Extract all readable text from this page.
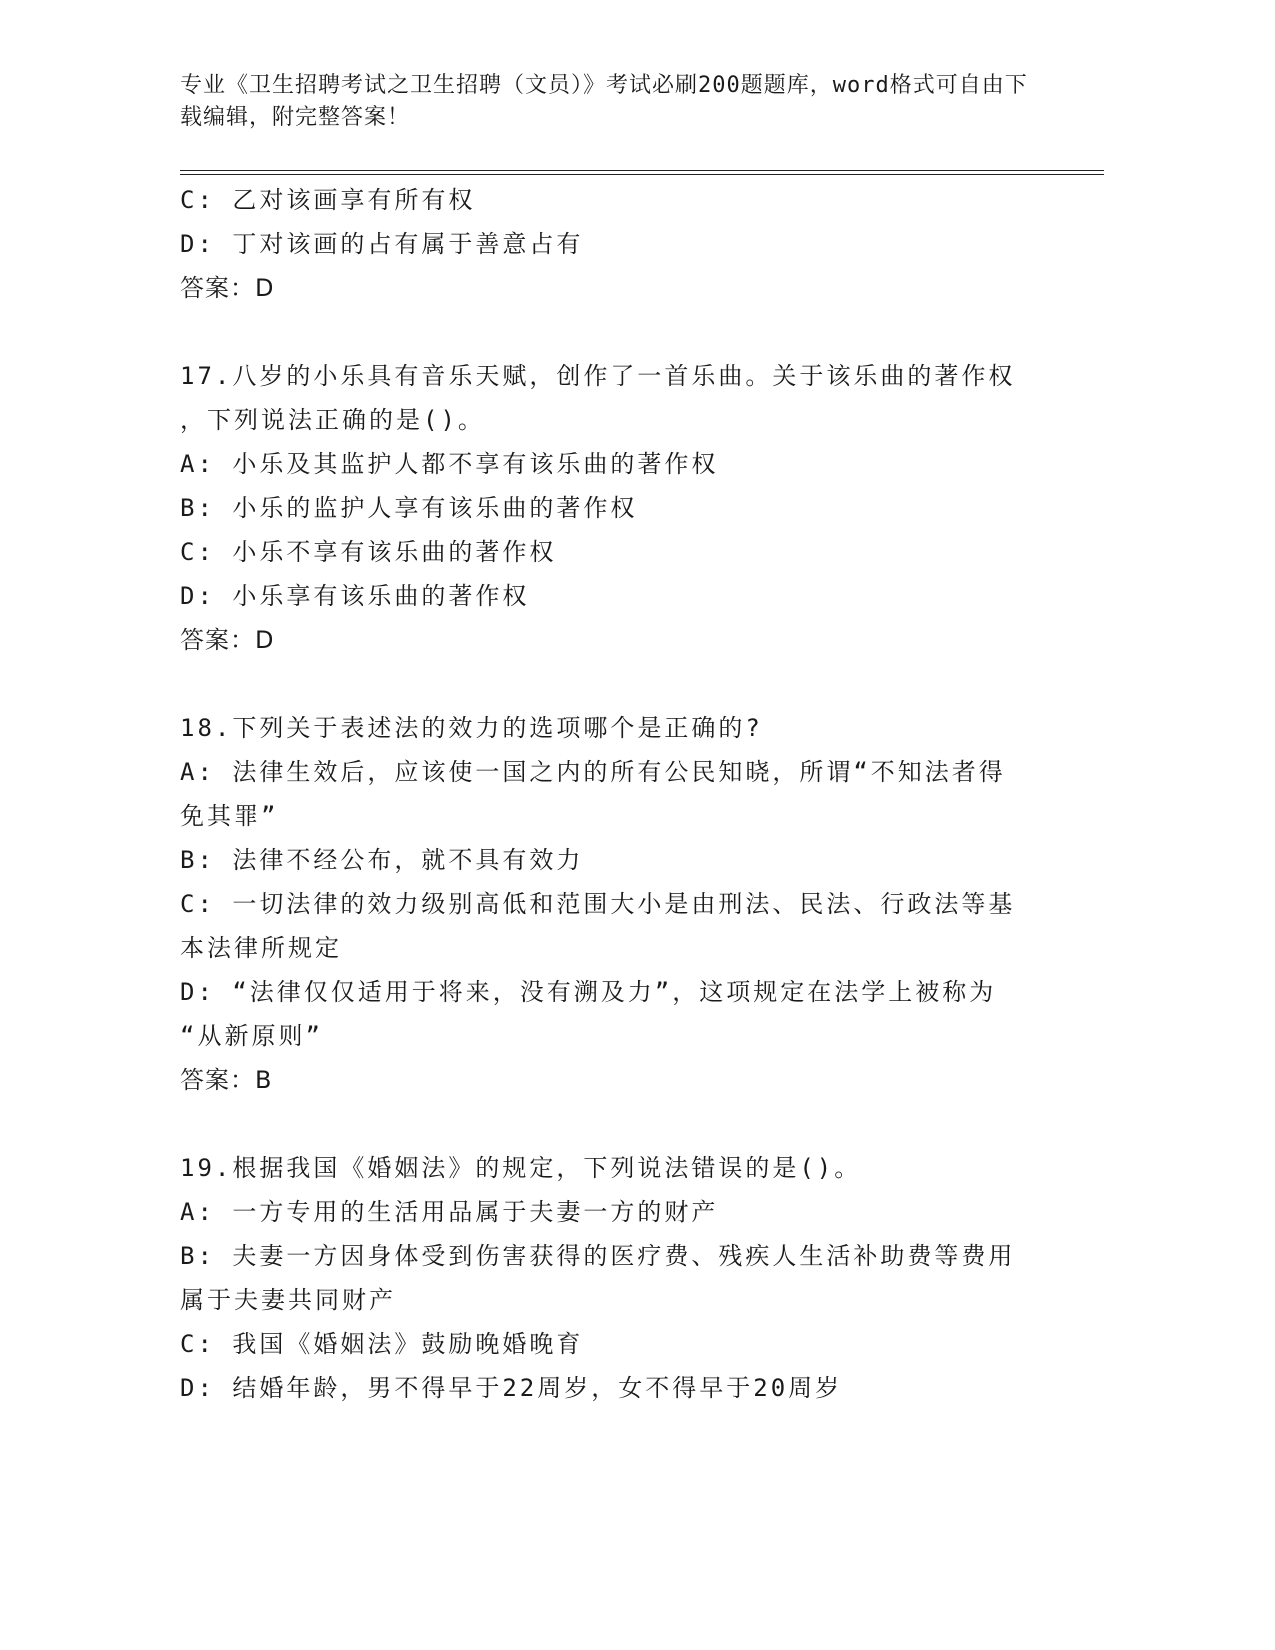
专业《卫生招聘考试之卫生招聘（文员）》考试必刷200题题库，word格式可自由下载编辑，附完整答案！
C: 乙对该画享有所有权
D: 丁对该画的占有属于善意占有
答案：D
17.八岁的小乐具有音乐天赋，创作了一首乐曲。关于该乐曲的著作权
，下列说法正确的是()。
A: 小乐及其监护人都不享有该乐曲的著作权
B: 小乐的监护人享有该乐曲的著作权
C: 小乐不享有该乐曲的著作权
D: 小乐享有该乐曲的著作权
答案：D
18.下列关于表述法的效力的选项哪个是正确的?
A: 法律生效后，应该使一国之内的所有公民知晓，所谓“不知法者得
免其罪”
B: 法律不经公布，就不具有效力
C: 一切法律的效力级别高低和范围大小是由刑法、民法、行政法等基
本法律所规定
D: “法律仅仅适用于将来，没有溯及力”，这项规定在法学上被称为
“从新原则”
答案：B
19.根据我国《婚姻法》的规定，下列说法错误的是()。
A: 一方专用的生活用品属于夫妻一方的财产
B: 夫妻一方因身体受到伤害获得的医疗费、残疾人生活补助费等费用
属于夫妻共同财产
C: 我国《婚姻法》鼓励晚婚晚育
D: 结婚年龄，男不得早于22周岁，女不得早于20周岁
